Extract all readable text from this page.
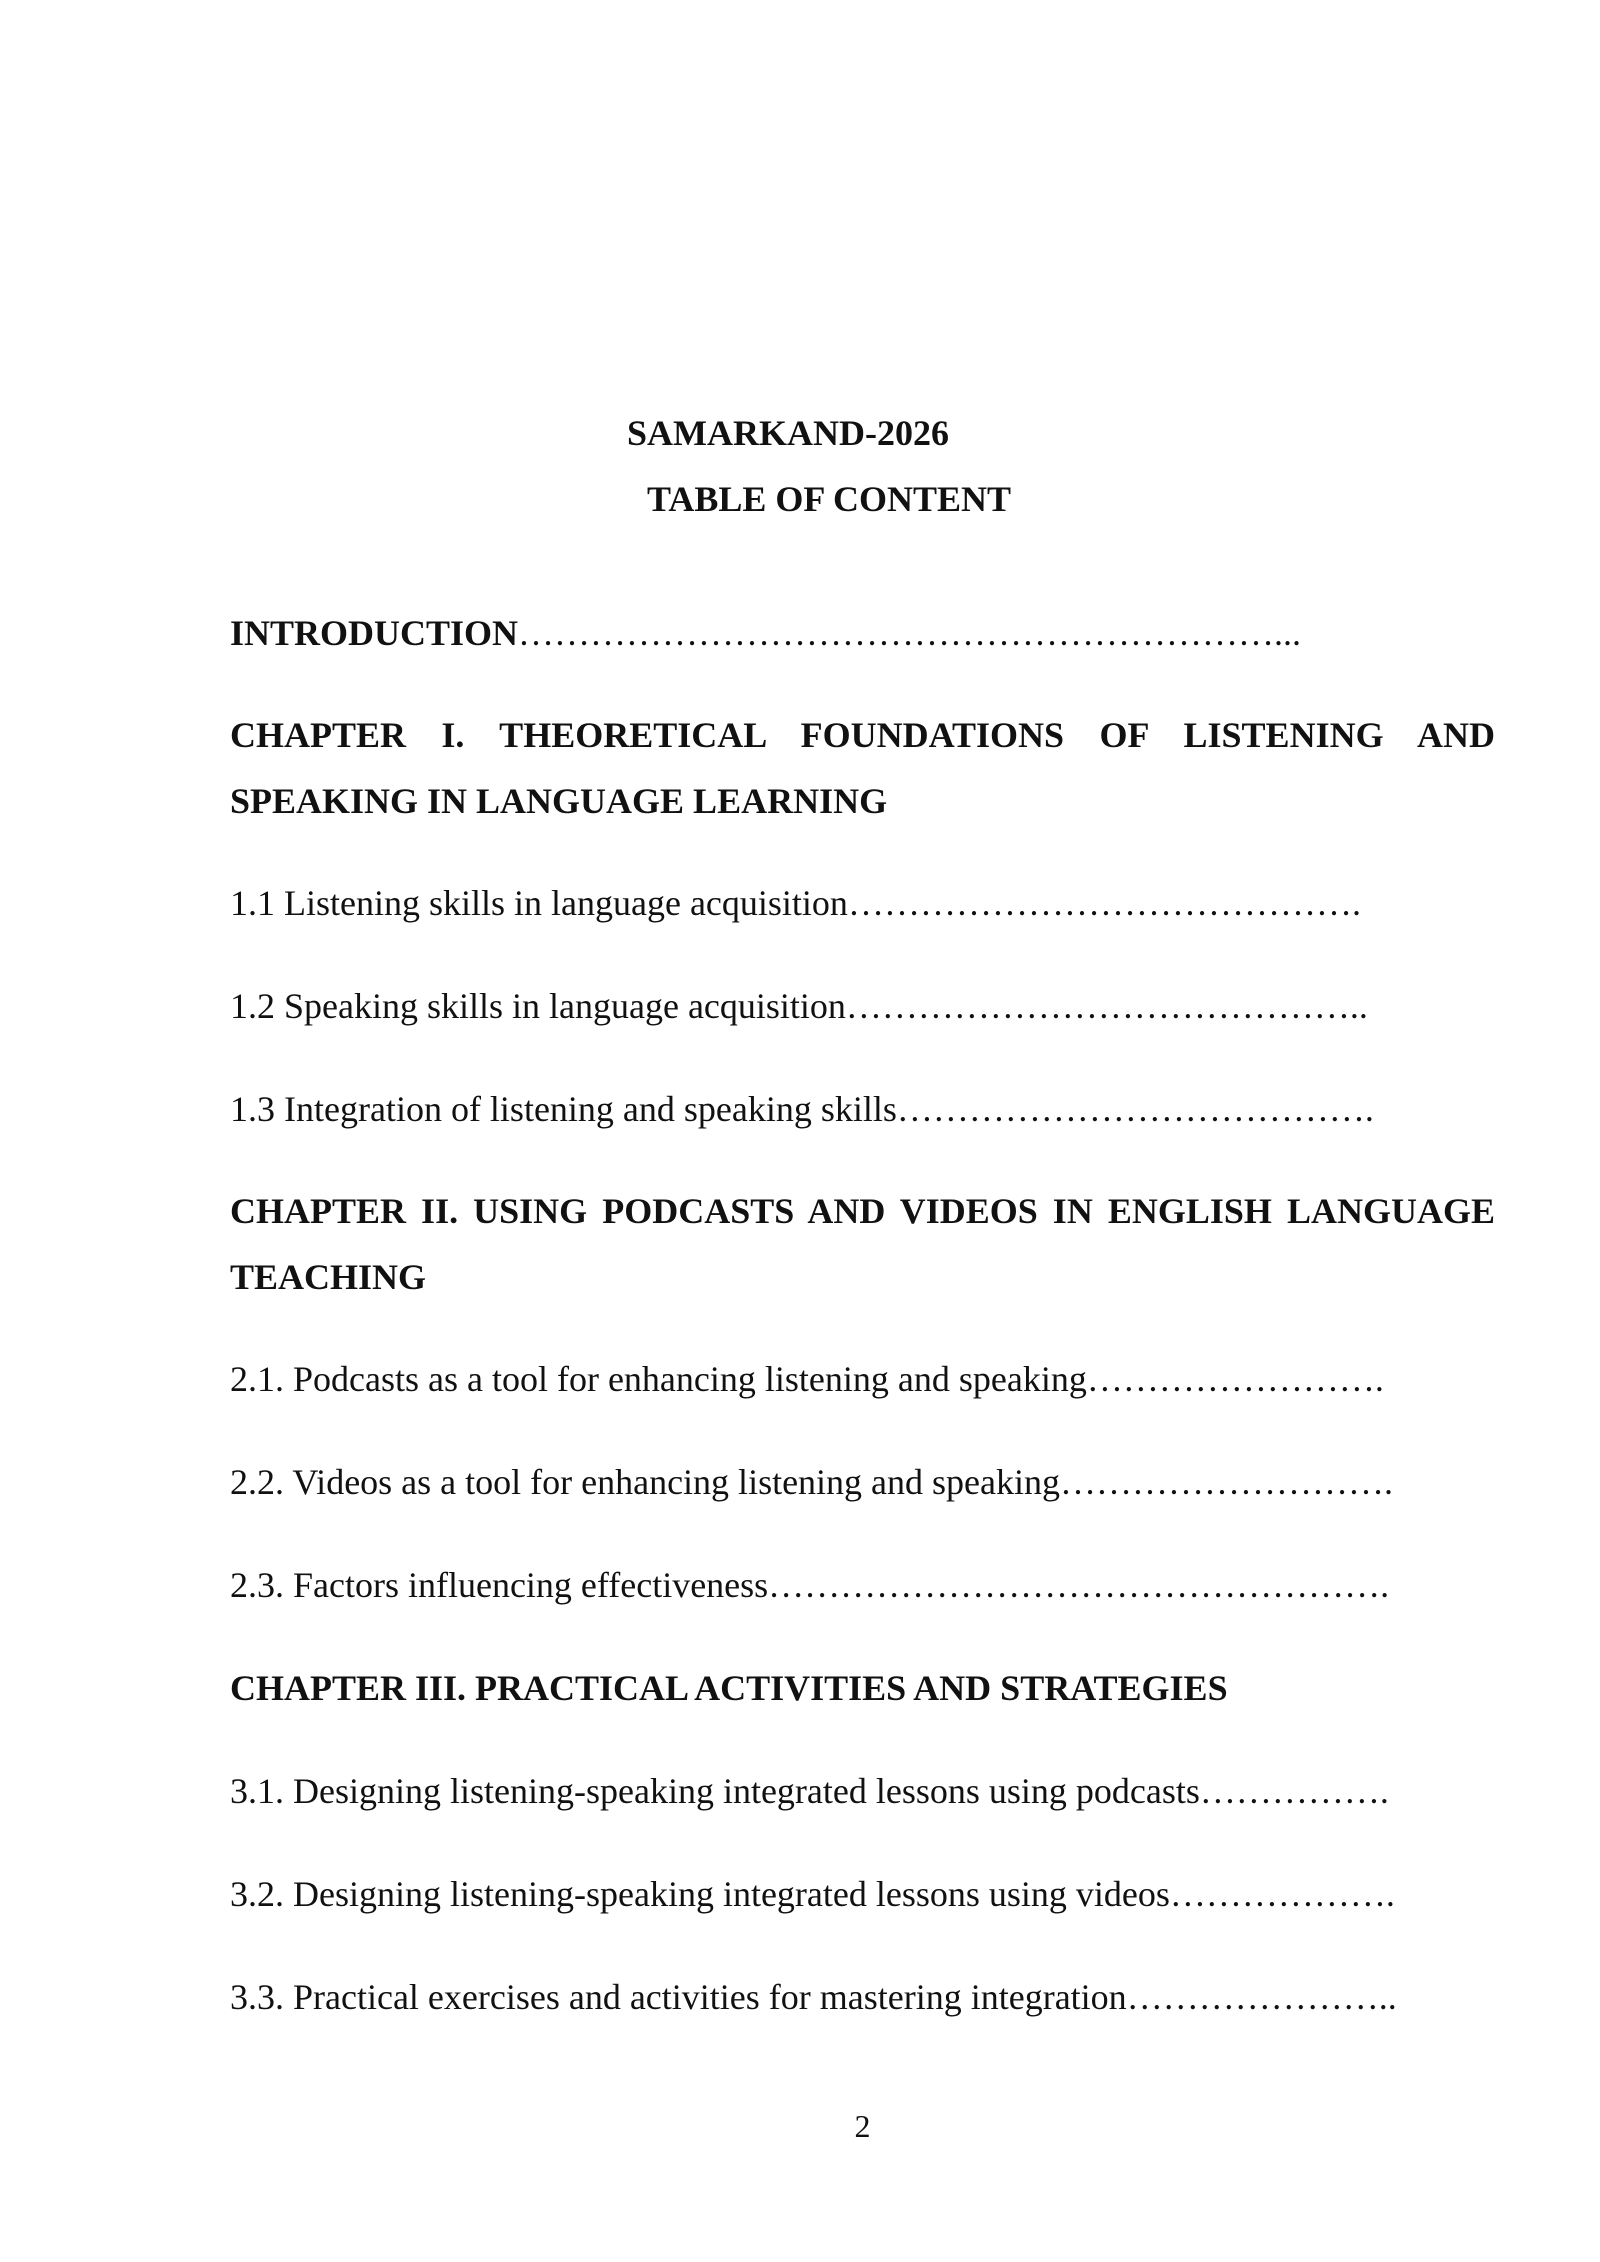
SAMARKAND-2026
TABLE OF CONTENT
INTRODUCTION………………………………………………………...
CHAPTER I. THEORETICAL FOUNDATIONS OF LISTENING AND SPEAKING IN LANGUAGE LEARNING
1.1 Listening skills in language acquisition…………………………………….
1.2 Speaking skills in language acquisition……………………………………..
1.3 Integration of listening and speaking skills………………………………….
CHAPTER II. USING PODCASTS AND VIDEOS IN ENGLISH LANGUAGE TEACHING
2.1. Podcasts as a tool for enhancing listening and speaking…………………….
2.2. Videos as a tool for enhancing listening and speaking……………………….
2.3. Factors influencing effectiveness…………………………………………….
CHAPTER III. PRACTICAL ACTIVITIES AND STRATEGIES
3.1. Designing listening-speaking integrated lessons using podcasts…………….
3.2. Designing listening-speaking integrated lessons using videos……………….
3.3. Practical exercises and activities for mastering integration…………………..
2
